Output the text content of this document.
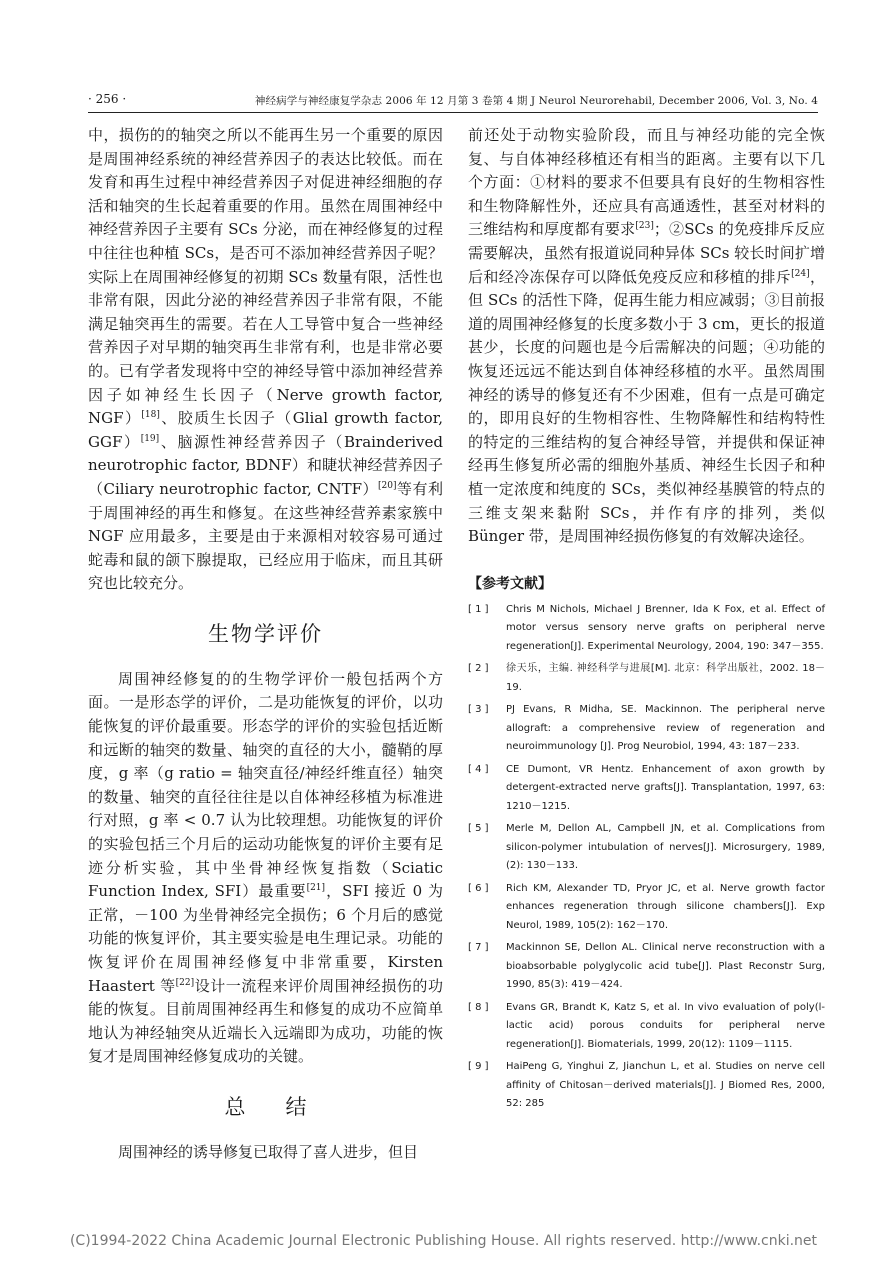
· 256 ·	神经病学与神经康复学杂志 2006 年 12 月第 3 卷第 4 期 J Neurol Neurorehabil, December 2006, Vol. 3, No. 4

中，损伤的的轴突之所以不能再生另一个重要的原因是周围神经系统的神经营养因子的表达比较低。而在发育和再生过程中神经营养因子对促进神经细胞的存活和轴突的生长起着重要的作用。虽然在周围神经中神经营养因子主要有 SCs 分泌，而在神经修复的过程中往往也种植 SCs，是否可不添加神经营养因子呢？实际上在周围神经修复的初期 SCs 数量有限，活性也非常有限，因此分泌的神经营养因子非常有限，不能满足轴突再生的需要。若在人工导管中复合一些神经营养因子对早期的轴突再生非常有利，也是非常必要的。已有学者发现将中空的神经导管中添加神经营养因子如神经生长因子（Nerve growth factor, NGF）[18]、胶质生长因子（Glial growth factor, GGF）[19]、脑源性神经营养因子（Brainderived neurotrophic factor, BDNF）和睫状神经营养因子（Ciliary neurotrophic factor, CNTF）[20]等有利于周围神经的再生和修复。在这些神经营养素家簇中 NGF 应用最多，主要是由于来源相对较容易可通过蛇毒和鼠的颌下腺提取，已经应用于临床，而且其研究也比较充分。

生物学评价

周围神经修复的的生物学评价一般包括两个方面。一是形态学的评价，二是功能恢复的评价，以功能恢复的评价最重要。形态学的评价的实验包括近断和远断的轴突的数量、轴突的直径的大小，髓鞘的厚度，g 率（g ratio = 轴突直径/神经纤维直径）轴突的数量、轴突的直径往往是以自体神经移植为标准进行对照，g 率 < 0.7 认为比较理想。功能恢复的评价的实验包括三个月后的运动功能恢复的评价主要有足迹分析实验，其中坐骨神经恢复指数（Sciatic Function Index, SFI）最重要[21]，SFI 接近 0 为正常，－100 为坐骨神经完全损伤；6 个月后的感觉功能的恢复评价，其主要实验是电生理记录。功能的恢复评价在周围神经修复中非常重要，Kirsten Haastert 等[22]设计一流程来评价周围神经损伤的功能的恢复。目前周围神经再生和修复的成功不应简单地认为神经轴突从近端长入远端即为成功，功能的恢复才是周围神经修复成功的关键。

总结

周围神经的诱导修复已取得了喜人进步，但目

前还处于动物实验阶段，而且与神经功能的完全恢复、与自体神经移植还有相当的距离。主要有以下几个方面：①材料的要求不但要具有良好的生物相容性和生物降解性外，还应具有高通透性，甚至对材料的三维结构和厚度都有要求[23]；②SCs 的免疫排斥反应需要解决，虽然有报道说同种异体 SCs 较长时间扩增后和经冷冻保存可以降低免疫反应和移植的排斥[24]，但 SCs 的活性下降，促再生能力相应减弱；③目前报道的周围神经修复的长度多数小于 3 cm，更长的报道甚少，长度的问题也是今后需解决的问题；④功能的恢复还远远不能达到自体神经移植的水平。虽然周围神经的诱导的修复还有不少困难，但有一点是可确定的，即用良好的生物相容性、生物降解性和结构特性的特定的三维结构的复合神经导管，并提供和保证神经再生修复所必需的细胞外基质、神经生长因子和种植一定浓度和纯度的 SCs，类似神经基膜管的特点的三维支架来黏附 SCs，并作有序的排列，类似 Bünger 带，是周围神经损伤修复的有效解决途径。

【参考文献】
[ 1 ] Chris M Nichols, Michael J Brenner, Ida K Fox, et al. Effect of motor versus sensory nerve grafts on peripheral nerve regeneration[J]. Experimental Neurology, 2004, 190: 347－355.
[ 2 ] 徐天乐，主编. 神经科学与进展[M]. 北京：科学出版社，2002. 18－19.
[ 3 ] PJ Evans, R Midha, SE. Mackinnon. The peripheral nerve allograft: a comprehensive review of regeneration and neuroimmunology [J]. Prog Neurobiol, 1994, 43: 187－233.
[ 4 ] CE Dumont, VR Hentz. Enhancement of axon growth by detergent-extracted nerve grafts[J]. Transplantation, 1997, 63: 1210－1215.
[ 5 ] Merle M, Dellon AL, Campbell JN, et al. Complications from silicon-polymer intubulation of nerves[J]. Microsurgery, 1989, (2): 130－133.
[ 6 ] Rich KM, Alexander TD, Pryor JC, et al. Nerve growth factor enhances regeneration through silicone chambers[J]. Exp Neurol, 1989, 105(2): 162－170.
[ 7 ] Mackinnon SE, Dellon AL. Clinical nerve reconstruction with a bioabsorbable polyglycolic acid tube[J]. Plast Reconstr Surg, 1990, 85(3): 419－424.
[ 8 ] Evans GR, Brandt K, Katz S, et al. In vivo evaluation of poly(l-lactic acid) porous conduits for peripheral nerve regeneration[J]. Biomaterials, 1999, 20(12): 1109－1115.
[ 9 ] HaiPeng G, Yinghui Z, Jianchun L, et al. Studies on nerve cell affinity of Chitosan－derived materials[J]. J Biomed Res, 2000, 52: 285
(C)1994-2022 China Academic Journal Electronic Publishing House. All rights reserved. http://www.cnki.net
